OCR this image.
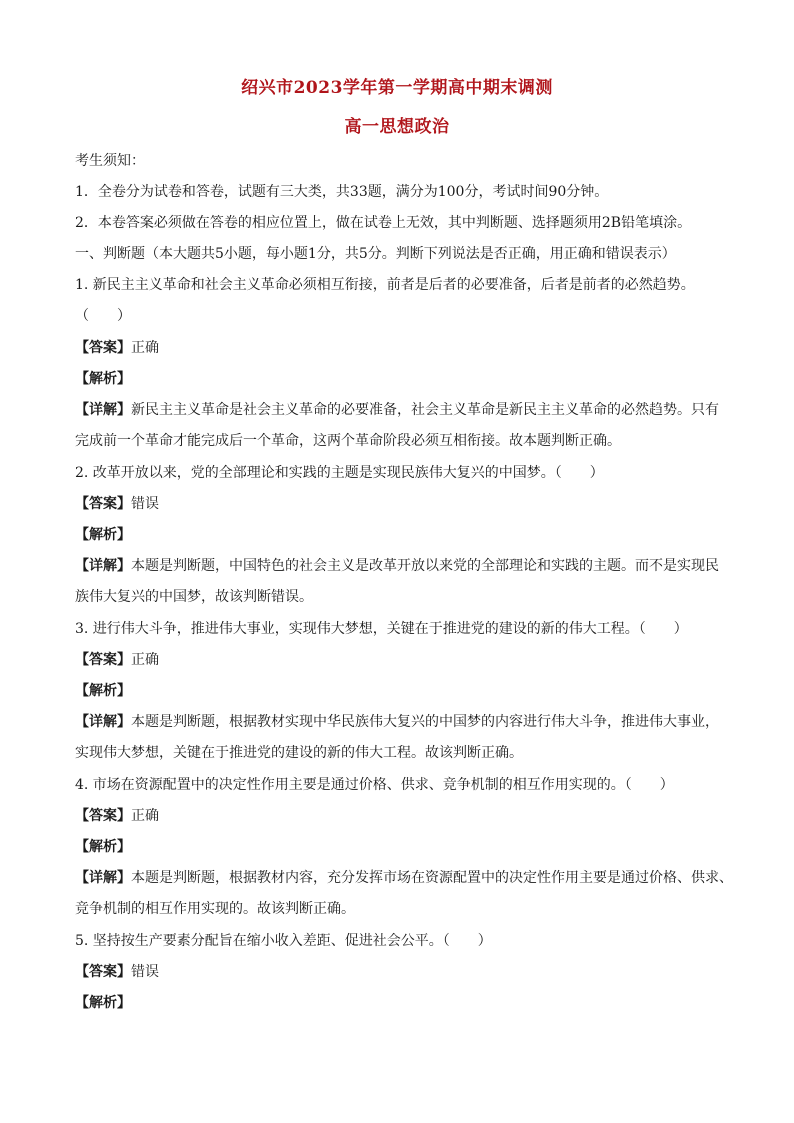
绍兴市2023学年第一学期高中期末调测
高一思想政治
考生须知：
1．全卷分为试卷和答卷，试题有三大类，共33题，满分为100分，考试时间90分钟。
2．本卷答案必须做在答卷的相应位置上，做在试卷上无效，其中判断题、选择题须用2B铅笔填涂。
一、判断题（本大题共5小题，每小题1分，共5分。判断下列说法是否正确，用正确和错误表示）
1. 新民主主义革命和社会主义革命必须相互衔接，前者是后者的必要准备，后者是前者的必然趋势。
（　　）
【答案】正确
【解析】
【详解】新民主主义革命是社会主义革命的必要准备，社会主义革命是新民主主义革命的必然趋势。只有
完成前一个革命才能完成后一个革命，这两个革命阶段必须互相衔接。故本题判断正确。
2. 改革开放以来，党的全部理论和实践的主题是实现民族伟大复兴的中国梦。（　　）
【答案】错误
【解析】
【详解】本题是判断题，中国特色的社会主义是改革开放以来党的全部理论和实践的主题。而不是实现民
族伟大复兴的中国梦，故该判断错误。
3. 进行伟大斗争，推进伟大事业，实现伟大梦想，关键在于推进党的建设的新的伟大工程。（　　）
【答案】正确
【解析】
【详解】本题是判断题，根据教材实现中华民族伟大复兴的中国梦的内容进行伟大斗争，推进伟大事业，
实现伟大梦想，关键在于推进党的建设的新的伟大工程。故该判断正确。
4. 市场在资源配置中的决定性作用主要是通过价格、供求、竞争机制的相互作用实现的。（　　）
【答案】正确
【解析】
【详解】本题是判断题，根据教材内容，充分发挥市场在资源配置中的决定性作用主要是通过价格、供求、
竞争机制的相互作用实现的。故该判断正确。
5. 坚持按生产要素分配旨在缩小收入差距、促进社会公平。（　　）
【答案】错误
【解析】
